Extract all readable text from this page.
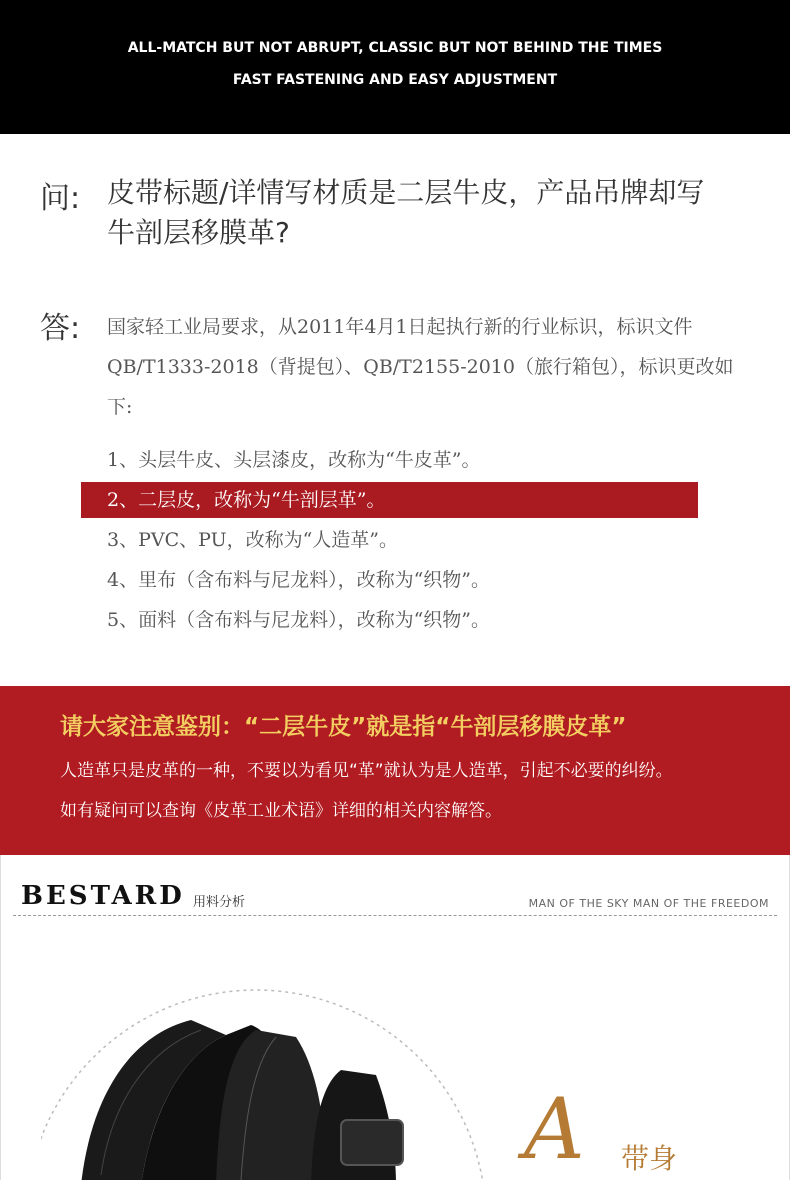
ALL-MATCH BUT NOT ABRUPT, CLASSIC BUT NOT BEHIND THE TIMES
FAST FASTENING AND EASY ADJUSTMENT
问: 皮带标题/详情写材质是二层牛皮，产品吊牌却写牛剖层移膜革?
答: 国家轻工业局要求，从2011年4月1日起执行新的行业标识，标识文件QB/T1333-2018（背提包）、QB/T2155-2010（旅行箱包），标识更改如下:
1、头层牛皮、头层漆皮，改称为“牛皮革”。
2、二层皮，改称为“牛剖层革”。
3、PVC、PU，改称为“人造革”。
4、里布（含布料与尼龙料），改称为“织物”。
5、面料（含布料与尼龙料），改称为“织物”。
请大家注意鉴别：“二层牛皮”就是指“牛剖层移膜皮革”
人造革只是皮革的一种，不要以为看见“革”就认为是人造革，引起不必要的纠纷。
如有疑问可以查询《皮革工业术语》详细的相关内容解答。
BESTARD 用料分析	MAN OF THE SKY MAN OF THE FREEDOM
A 带身
